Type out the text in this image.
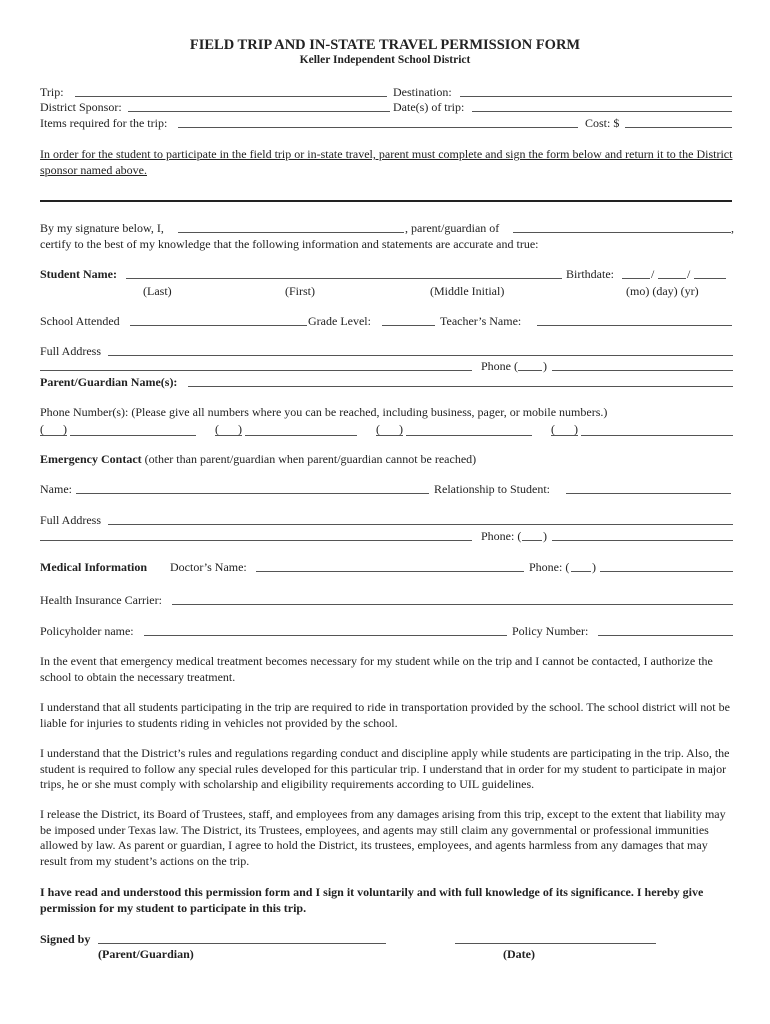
FIELD TRIP AND IN-STATE TRAVEL PERMISSION FORM
Keller Independent School District
Trip:	Destination:
District Sponsor:	Date(s) of trip:
Items required for the trip:	Cost: $
In order for the student to participate in the field trip or in-state travel, parent must complete and sign the form below and return it to the District sponsor named above.
By my signature below, I,	, parent/guardian of	,
certify to the best of my knowledge that the following information and statements are accurate and true:
Student Name:	Birthdate:	/	/
(Last)	(First)	(Middle Initial)	(mo) (day) (yr)
School Attended	Grade Level:	Teacher’s Name:
Full Address
Phone ( )
Parent/Guardian Name(s):
Phone Number(s): (Please give all numbers where you can be reached, including business, pager, or mobile numbers.)
( )	( )	( )	( )
Emergency Contact (other than parent/guardian when parent/guardian cannot be reached)
Name:	Relationship to Student:
Full Address
Phone: ( )
Medical Information Doctor’s Name:	Phone: ( )
Health Insurance Carrier:
Policyholder name:	Policy Number:
In the event that emergency medical treatment becomes necessary for my student while on the trip and I cannot be contacted, I authorize the school to obtain the necessary treatment.
I understand that all students participating in the trip are required to ride in transportation provided by the school. The school district will not be liable for injuries to students riding in vehicles not provided by the school.
I understand that the District’s rules and regulations regarding conduct and discipline apply while students are participating in the trip. Also, the student is required to follow any special rules developed for this particular trip. I understand that in order for my student to participate in major trips, he or she must comply with scholarship and eligibility requirements according to UIL guidelines.
I release the District, its Board of Trustees, staff, and employees from any damages arising from this trip, except to the extent that liability may be imposed under Texas law. The District, its Trustees, employees, and agents may still claim any governmental or professional immunities allowed by law. As parent or guardian, I agree to hold the District, its trustees, employees, and agents harmless from any damages that may result from my student’s actions on the trip.
I have read and understood this permission form and I sign it voluntarily and with full knowledge of its significance. I hereby give permission for my student to participate in this trip.
Signed by
(Parent/Guardian)	(Date)
